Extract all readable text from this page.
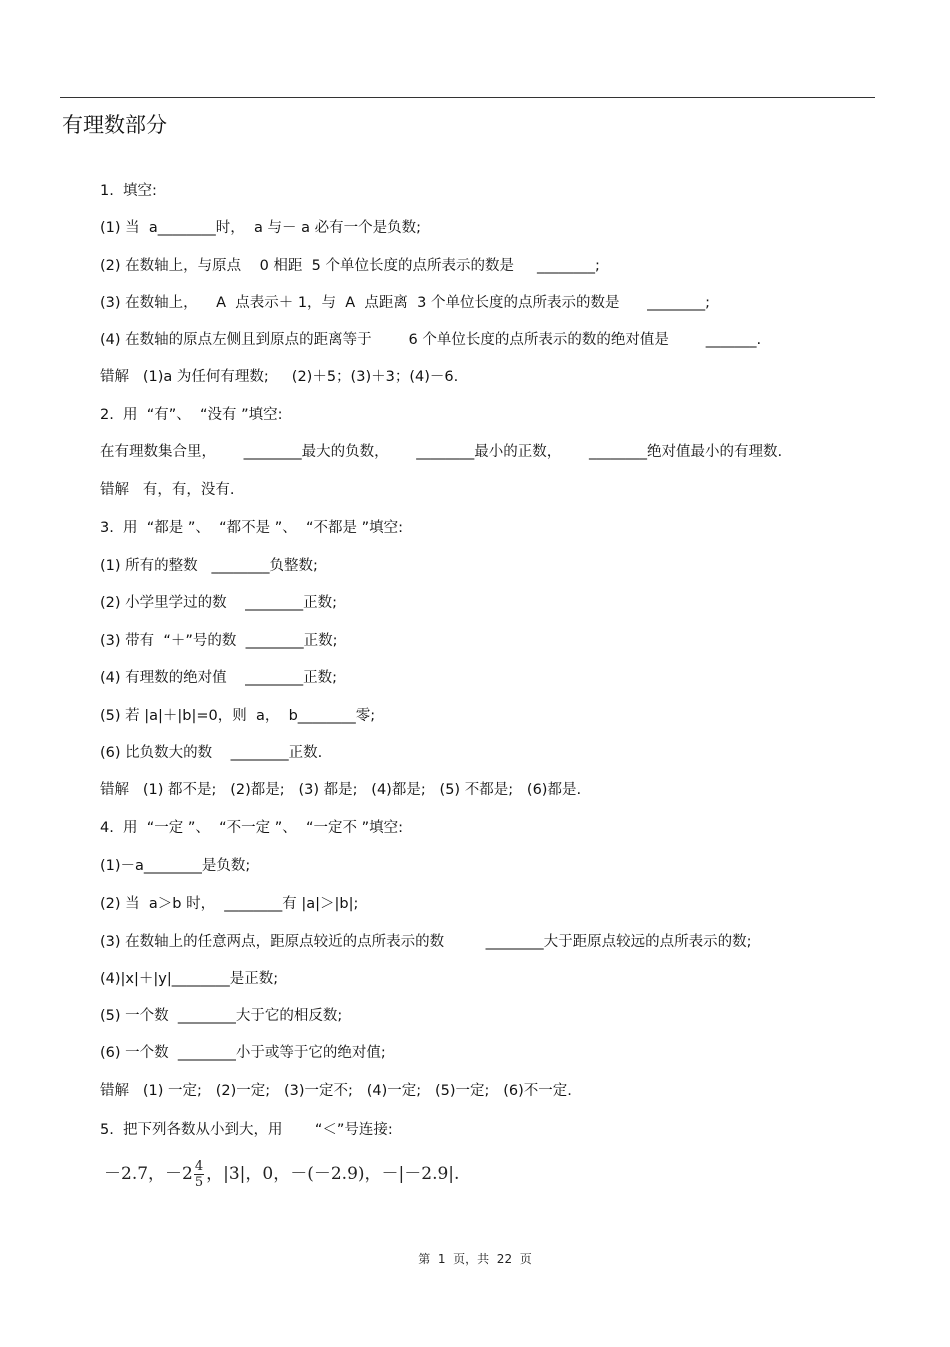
有理数部分
1.  填空:
(1) 当  a________时，  a 与－ a 必有一个是负数;
(2) 在数轴上，与原点    0 相距  5 个单位长度的点所表示的数是     ________;
(3) 在数轴上，    A  点表示＋ 1，与  A  点距离  3 个单位长度的点所表示的数是      ________;
(4) 在数轴的原点左侧且到原点的距离等于        6 个单位长度的点所表示的数的绝对值是        _______.
错解   (1)a 为任何有理数;     (2)＋5；(3)＋3；(4)－6.
2.  用  “有”、  “没有 ”填空:
在有理数集合里，      ________最大的负数，      ________最小的正数，      ________绝对值最小的有理数.
错解   有，有，没有.
3.  用  “都是 ”、  “都不是 ”、  “不都是 ”填空:
(1) 所有的整数   ________负整数;
(2) 小学里学过的数    ________正数;
(3) 带有  “＋”号的数  ________正数;
(4) 有理数的绝对值    ________正数;
(5) 若 |a|＋|b|=0，则  a，  b________零;
(6) 比负数大的数    ________正数.
错解   (1) 都不是;   (2)都是;   (3) 都是;   (4)都是;   (5) 不都是;   (6)都是.
4.  用  “一定 ”、  “不一定 ”、  “一定不 ”填空:
(1)－a________是负数;
(2) 当  a＞b 时，  ________有 |a|＞|b|;
(3) 在数轴上的任意两点，距原点较近的点所表示的数         ________大于距原点较远的点所表示的数;
(4)|x|＋|y|________是正数;
(5) 一个数  ________大于它的相反数;
(6) 一个数  ________小于或等于它的绝对值;
错解   (1) 一定;   (2)一定;   (3)一定不;   (4)一定;   (5)一定;   (6)不一定.
5.  把下列各数从小到大，用       “＜”号连接:
－2.7，$-2 \frac{4}{5}$ ，|3|，0，－(－2.9)，－|－2.9|.
第  1  页，共  22  页
